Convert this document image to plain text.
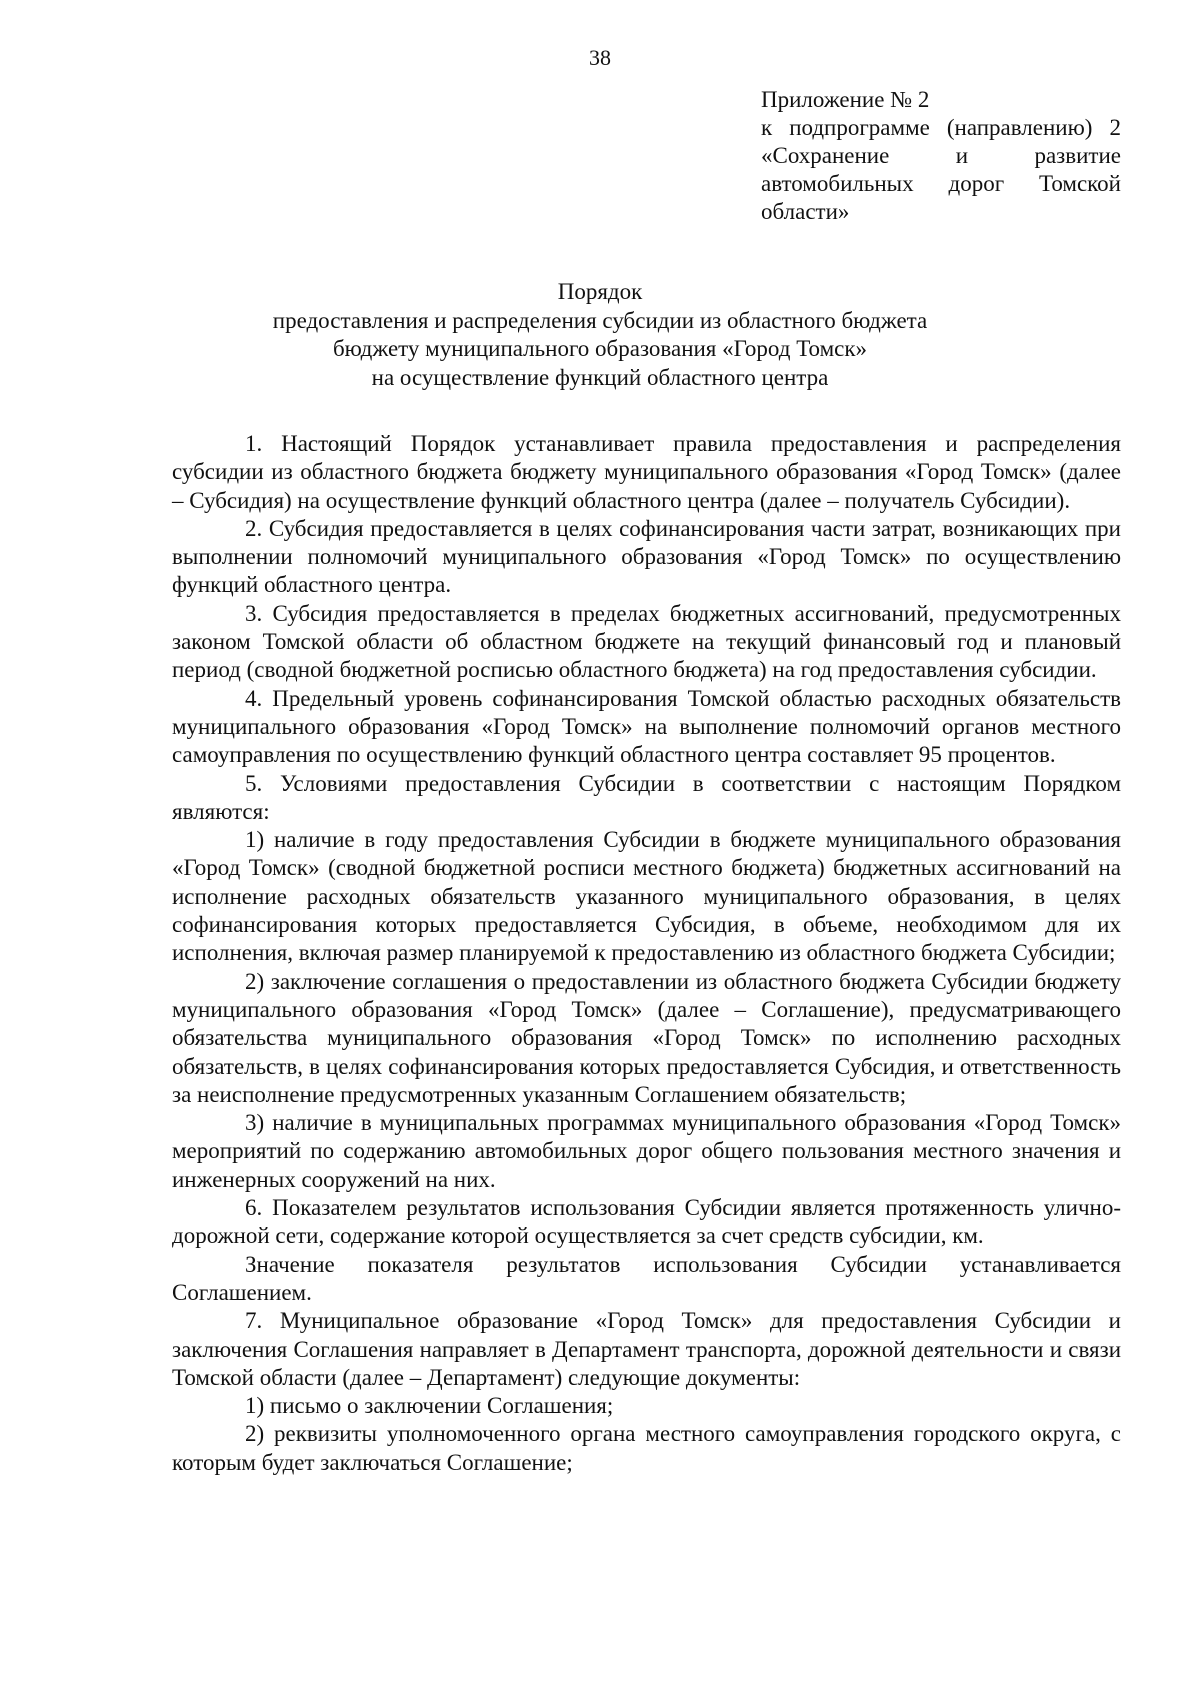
38
Приложение № 2
к подпрограмме (направлению) 2
«Сохранение и развитие
автомобильных дорог Томской
области»
Порядок
предоставления и распределения субсидии из областного бюджета
бюджету муниципального образования «Город Томск»
на осуществление функций областного центра

1. Настоящий Порядок устанавливает правила предоставления и распределения субсидии из областного бюджета бюджету муниципального образования «Город Томск» (далее – Субсидия) на осуществление функций областного центра (далее – получатель Субсидии).

2. Субсидия предоставляется в целях софинансирования части затрат, возникающих при выполнении полномочий муниципального образования «Город Томск» по осуществлению функций областного центра.

3. Субсидия предоставляется в пределах бюджетных ассигнований, предусмотренных законом Томской области об областном бюджете на текущий финансовый год и плановый период (сводной бюджетной росписью областного бюджета) на год предоставления субсидии.

4. Предельный уровень софинансирования Томской областью расходных обязательств муниципального образования «Город Томск» на выполнение полномочий органов местного самоуправления по осуществлению функций областного центра составляет 95 процентов.

5. Условиями предоставления Субсидии в соответствии с настоящим Порядком являются:

1) наличие в году предоставления Субсидии в бюджете муниципального образования «Город Томск» (сводной бюджетной росписи местного бюджета) бюджетных ассигнований на исполнение расходных обязательств указанного муниципального образования, в целях софинансирования которых предоставляется Субсидия, в объеме, необходимом для их исполнения, включая размер планируемой к предоставлению из областного бюджета Субсидии;

2) заключение соглашения о предоставлении из областного бюджета Субсидии бюджету муниципального образования «Город Томск» (далее – Соглашение), предусматривающего обязательства муниципального образования «Город Томск» по исполнению расходных обязательств, в целях софинансирования которых предоставляется Субсидия, и ответственность за неисполнение предусмотренных указанным Соглашением обязательств;

3) наличие в муниципальных программах муниципального образования «Город Томск» мероприятий по содержанию автомобильных дорог общего пользования местного значения и инженерных сооружений на них.

6. Показателем результатов использования Субсидии является протяженность улично-дорожной сети, содержание которой осуществляется за счет средств субсидии, км.

Значение показателя результатов использования Субсидии устанавливается Соглашением.

7. Муниципальное образование «Город Томск» для предоставления Субсидии и заключения Соглашения направляет в Департамент транспорта, дорожной деятельности и связи Томской области (далее – Департамент) следующие документы:

1) письмо о заключении Соглашения;

2) реквизиты уполномоченного органа местного самоуправления городского округа, с которым будет заключаться Соглашение;
